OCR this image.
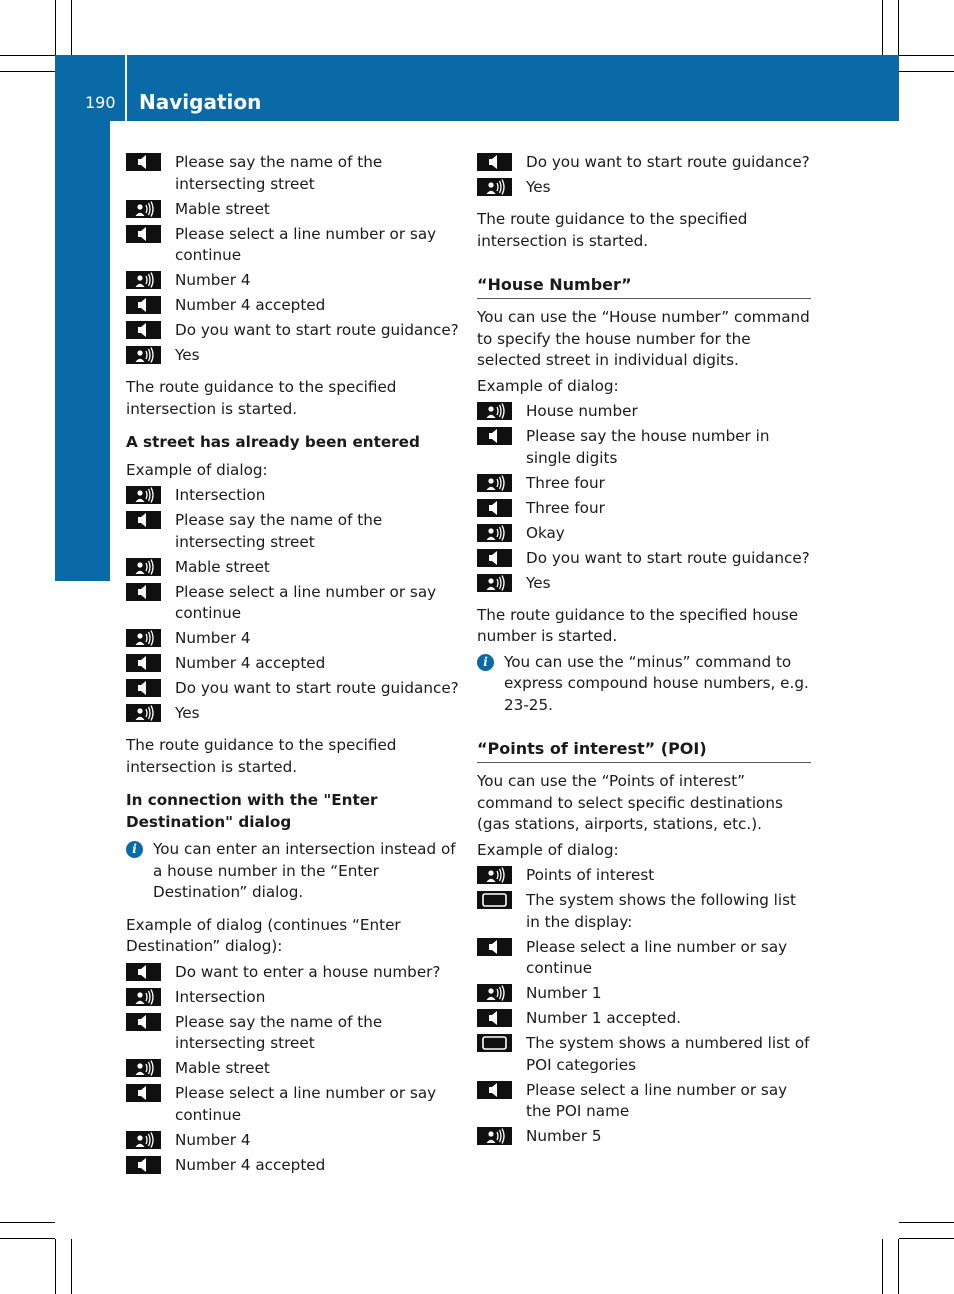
190 Navigation
Voice Control
Please say the name of the intersecting street
Mable street
Please select a line number or say continue
Number 4
Number 4 accepted
Do you want to start route guidance?
Yes

The route guidance to the specified intersection is started.

A street has already been entered

Example of dialog:

Intersection
Please say the name of the intersecting street
Mable street
Please select a line number or say continue
Number 4
Number 4 accepted
Do you want to start route guidance?
Yes

The route guidance to the specified intersection is started.

In connection with the "Enter Destination" dialog
i	You can enter an intersection instead of a house number in the “Enter Destination” dialog.

Example of dialog (continues “Enter Destination” dialog):

Do want to enter a house number?
Intersection
Please say the name of the intersecting street
Mable street
Please select a line number or say continue
Number 4
Number 4 accepted
Do you want to start route guidance?
Yes

The route guidance to the specified intersection is started.

“House Number”

You can use the “House number” command to specify the house number for the selected street in individual digits.

Example of dialog:

House number
Please say the house number in single digits
Three four
Three four
Okay
Do you want to start route guidance?
Yes

The route guidance to the specified house number is started.

i	You can use the “minus” command to express compound house numbers, e.g. 23-25.
“Points of interest” (POI)

You can use the “Points of interest” command to select specific destinations (gas stations, airports, stations, etc.).

Example of dialog:

Points of interest
The system shows the following list in the display:
Please select a line number or say continue
Number 1
Number 1 accepted.
The system shows a numbered list of POI categories
Please select a line number or say the POI name
Number 5
